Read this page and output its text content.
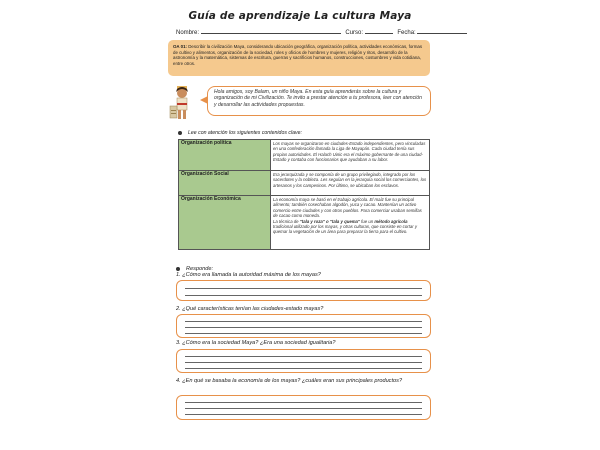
Guía de aprendizaje La cultura Maya
Nombre:	Curso:	Fecha:
OA 01: Describir la civilización Maya, considerando ubicación geográfica, organización política, actividades económicas, formas de cultivo y alimentos, organización de la sociedad, roles y oficios de hombres y mujeres, religión y ritos, desarrollo de la astronomía y la matemática, sistemas de escritura, guerras y sacrificios humanos, construcciones, costumbres y vida cotidiana, entre otros.
Hola amigos, soy Balam, un niño Maya. En esta guía aprenderás sobre la cultura y organización de mi Civilización. Te invito a prestar atención a tu profesora, leer con atención y desarrollar las actividades propuestas.
Lee con atención los siguientes contenidos clave:
Organización política	Los mayas se organizaron en ciudades-Estado independientes, pero vinculadas en una confederación llamada la Liga de Mayapán. Cada ciudad tenía sus propias autoridades. El Halach Uinic era el máximo gobernante de una ciudad-Estado y contaba con funcionarios que ayudaban a su labor.
Organización Social	Era jerarquizada y se componía de un grupo privilegiado, integrado por los sacerdotes y la nobleza. Les seguían en la jerarquía social los comerciantes, los artesanos y los campesinos. Por último, se ubicaban los esclavos.
Organización Económica	La economía maya se basó en el trabajo agrícola. El maíz fue su principal alimento; también cosechaban algodón, yuca y cacao. Mantenían un activo comercio entre ciudades y con otros pueblos. Para comerciar usaban semillas de cacao como moneda.
La técnica de "tala y roza" o "tala y quema" fue un método agrícola tradicional utilizado por los mayas, y otras culturas, que consiste en cortar y quemar la vegetación de un área para preparar la tierra para el cultivo.
Responde:
1. ¿Cómo era llamada la autoridad máxima de los mayas?
2. ¿Qué características tenían las ciudades-estado mayas?
3. ¿Cómo era la sociedad Maya? ¿Era una sociedad igualitaria?
4. ¿En qué se basaba la economía de los mayas? ¿cuáles eran sus principales productos?
